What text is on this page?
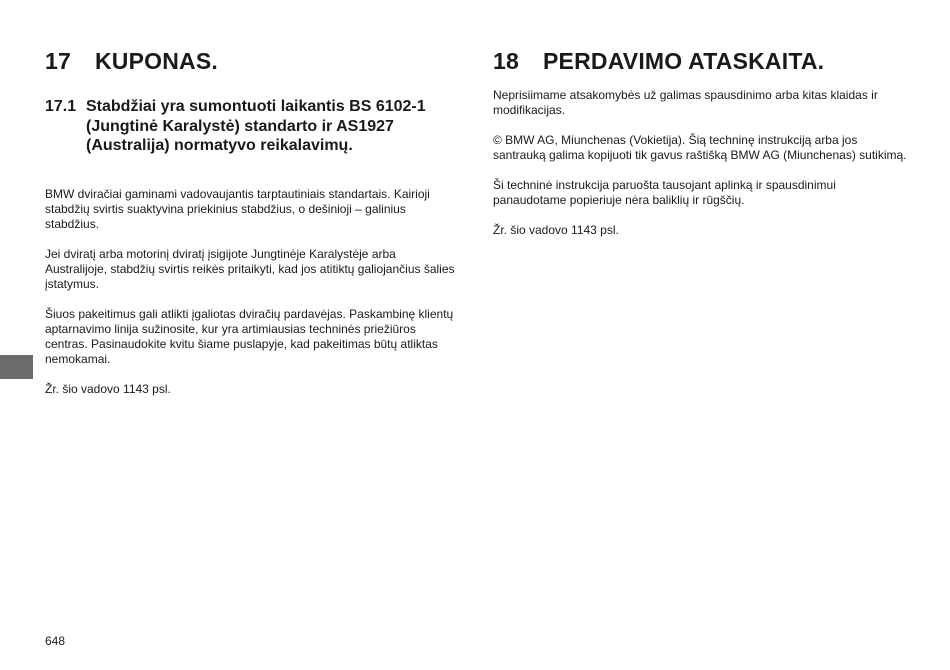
17 KUPONAS.
17.1 Stabdžiai yra sumontuoti laikantis BS 6102-1 (Jungtinė Karalystė) standarto ir AS1927 (Australija) normatyvo reikalavimų.

BMW dviračiai gaminami vadovaujantis tarptautiniais standartais. Kairioji stabdžių svirtis suaktyvina priekinius stabdžius, o dešinioji – galinius stabdžius.

Jei dviratį arba motorinį dviratį įsigijote Jungtinėje Karalystėje arba Australijoje, stabdžių svirtis reikės pritaikyti, kad jos atitiktų galiojančius šalies įstatymus.

Šiuos pakeitimus gali atlikti įgaliotas dviračių pardavėjas. Paskambinę klientų aptarnavimo linija sužinosite, kur yra artimiausias techninės priežiūros centras. Pasinaudokite kvitu šiame puslapyje, kad pakeitimas būtų atliktas nemokamai.

Žr. šio vadovo 1143 psl.

18 PERDAVIMO ATASKAITA.

Neprisiimame atsakomybės už galimas spausdinimo arba kitas klaidas ir modifikacijas.

© BMW AG, Miunchenas (Vokietija). Šią techninę instrukciją arba jos santrauką galima kopijuoti tik gavus raštišką BMW AG (Miunchenas) sutikimą.

Ši techninė instrukcija paruošta tausojant aplinką ir spausdinimui panaudotame popieriuje nėra baliklių ir rūgščių.

Žr. šio vadovo 1143 psl.

648
